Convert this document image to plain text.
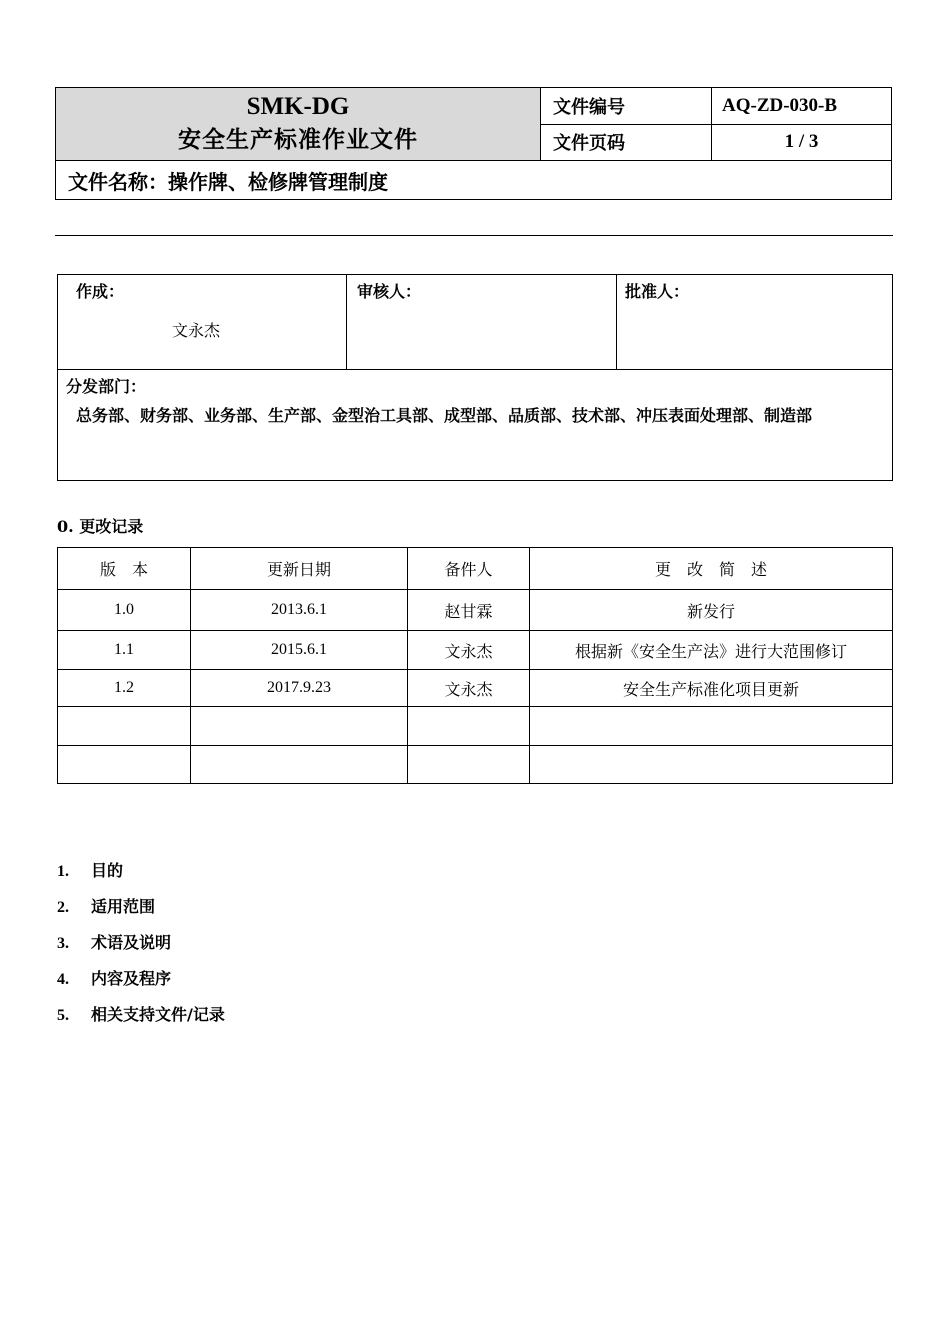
SMK-DG
安全生产标准作业文件	文件编号	AQ-ZD-030-B
	文件页码	1 / 3
文件名称：操作牌、检修牌管理制度		
作成：
文永杰

审核人：	批准人：

分发部门：
总务部、财务部、业务部、生产部、金型治工具部、成型部、品质部、技术部、冲压表面处理部、制造部
0. 更改记录
版　本	更新日期	备件人	更　改　简　述
1.0	2013.6.1	赵甘霖	新发行
1.1	2015.6.1	文永杰	根据新《安全生产法》进行大范围修订
1.2	2017.9.23	文永杰	安全生产标准化项目更新

1. 目的
2. 适用范围
3. 术语及说明
4. 内容及程序
5. 相关支持文件/记录
